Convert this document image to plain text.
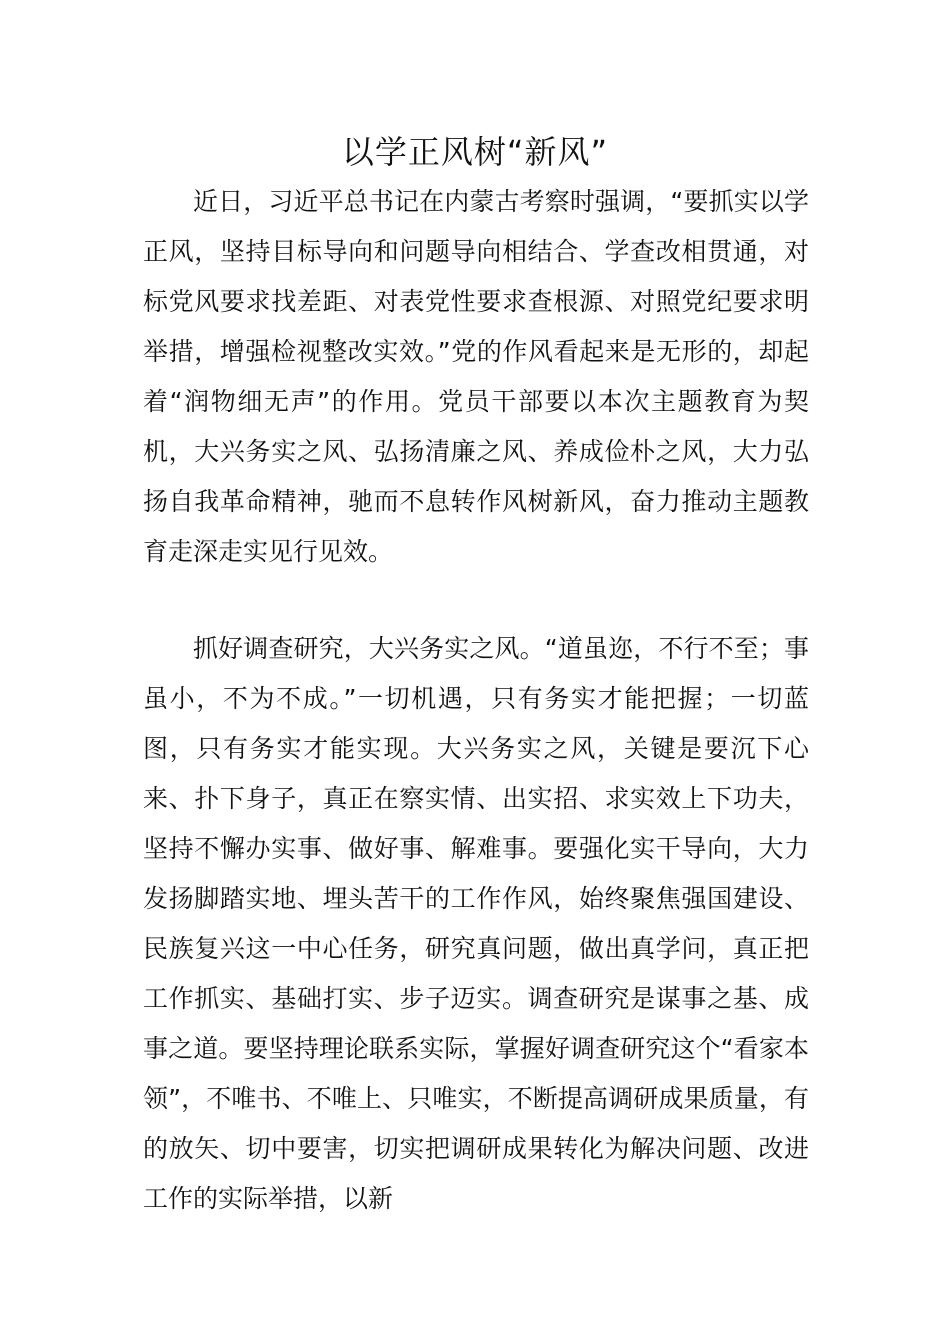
以学正风树“新风”

近日，习近平总书记在内蒙古考察时强调，“要抓实以学正风，坚持目标导向和问题导向相结合、学查改相贯通，对标党风要求找差距、对表党性要求查根源、对照党纪要求明举措，增强检视整改实效。”党的作风看起来是无形的，却起着“润物细无声”的作用。党员干部要以本次主题教育为契机，大兴务实之风、弘扬清廉之风、养成俭朴之风，大力弘扬自我革命精神，驰而不息转作风树新风，奋力推动主题教育走深走实见行见效。

抓好调查研究，大兴务实之风。“道虽迩，不行不至；事虽小，不为不成。”一切机遇，只有务实才能把握；一切蓝图，只有务实才能实现。大兴务实之风，关键是要沉下心来、扑下身子，真正在察实情、出实招、求实效上下功夫，坚持不懈办实事、做好事、解难事。要强化实干导向，大力发扬脚踏实地、埋头苦干的工作作风，始终聚焦强国建设、民族复兴这一中心任务，研究真问题，做出真学问，真正把工作抓实、基础打实、步子迈实。调查研究是谋事之基、成事之道。要坚持理论联系实际，掌握好调查研究这个“看家本领”，不唯书、不唯上、只唯实，不断提高调研成果质量，有的放矢、切中要害，切实把调研成果转化为解决问题、改进工作的实际举措，以新
